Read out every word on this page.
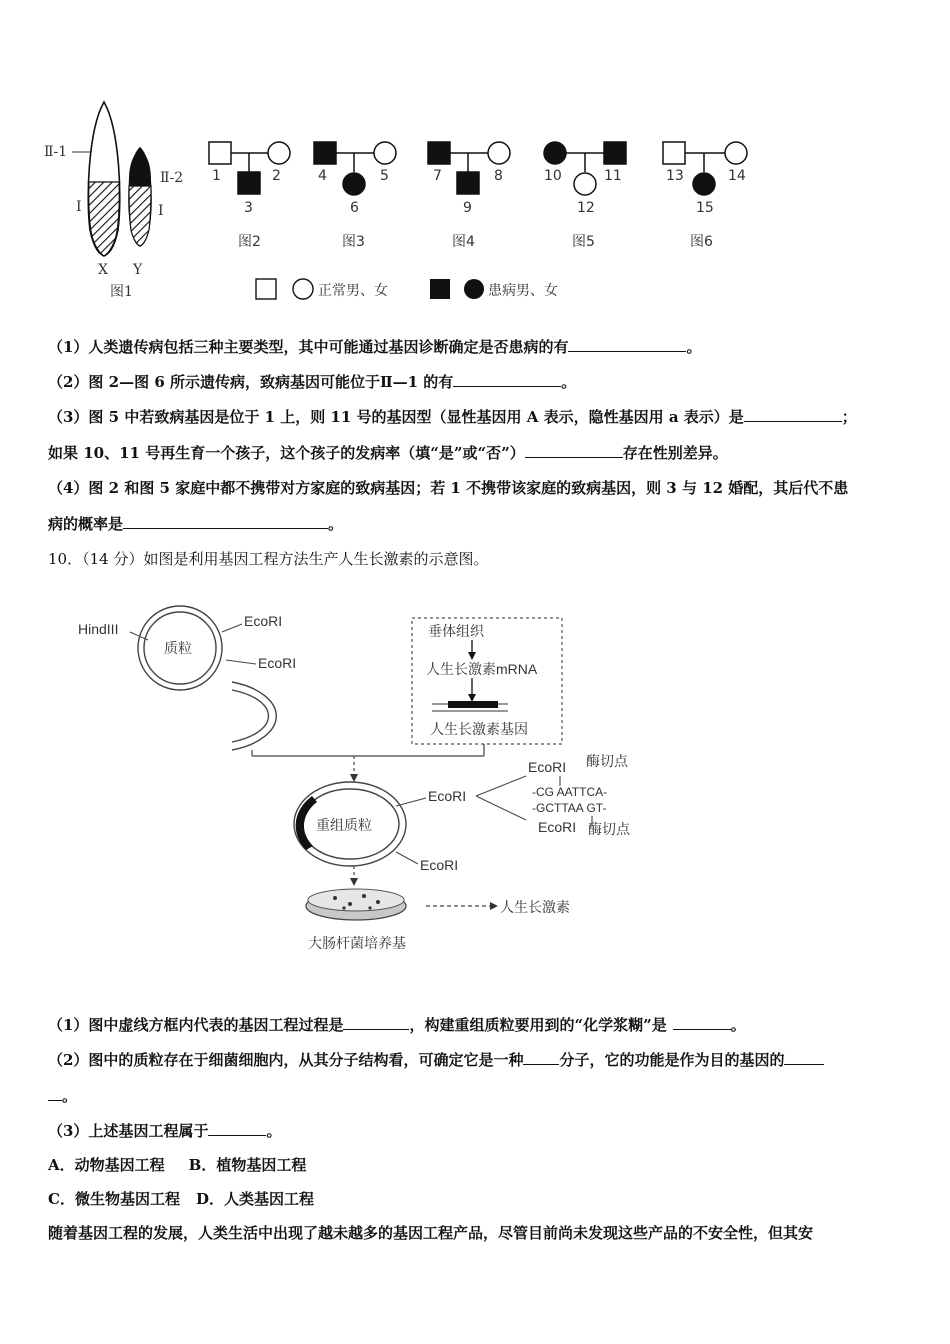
Ⅱ-1
Ⅰ
X
Ⅱ-2
Ⅰ
Y
图1
1	2
3
4	5
6
7	8
9
10	11
12
13	14
15
图2	图3	图4	图5	图6
正常男、女	患病男、女
（1）人类遗传病包括三种主要类型，其中可能通过基因诊断确定是否患病的有	。
（2）图 2—图 6 所示遗传病，致病基因可能位于Ⅱ—1 的有	。
（3）图 5 中若致病基因是位于 1 上，则 11 号的基因型（显性基因用 A 表示，隐性基因用 a 表示）是	；
如果 10、11 号再生育一个孩子，这个孩子的发病率（填“是”或“否”）	存在性别差异。
（4）图 2 和图 5 家庭中都不携带对方家庭的致病基因；若 1 不携带该家庭的致病基因，则 3 与 12 婚配，其后代不患
病的概率是	。
10．（14 分）如图是利用基因工程方法生产人生长激素的示意图。
质粒
HindIII	EcoRI
EcoRI
垂体组织
人生长激素mRNA
人生长激素基因
重组质粒
EcoRI
EcoRI
EcoRI 酶切点
-CG AATTCA-
-GCTTAA GT-
EcoRI 酶切点
大肠杆菌培养基
人生长激素
（1）图中虚线方框内代表的基因工程过程是	，构建重组质粒要用到的“化学浆糊”是	。
（2）图中的质粒存在于细菌细胞内，从其分子结构看，可确定它是一种 分子，它的功能是作为目的基因的
。
（3）上述基因工程属于	。
A．动物基因工程 B．植物基因工程
C．微生物基因工程 D．人类基因工程
随着基因工程的发展，人类生活中出现了越未越多的基因工程产品，尽管目前尚未发现这些产品的不安全性，但其安
